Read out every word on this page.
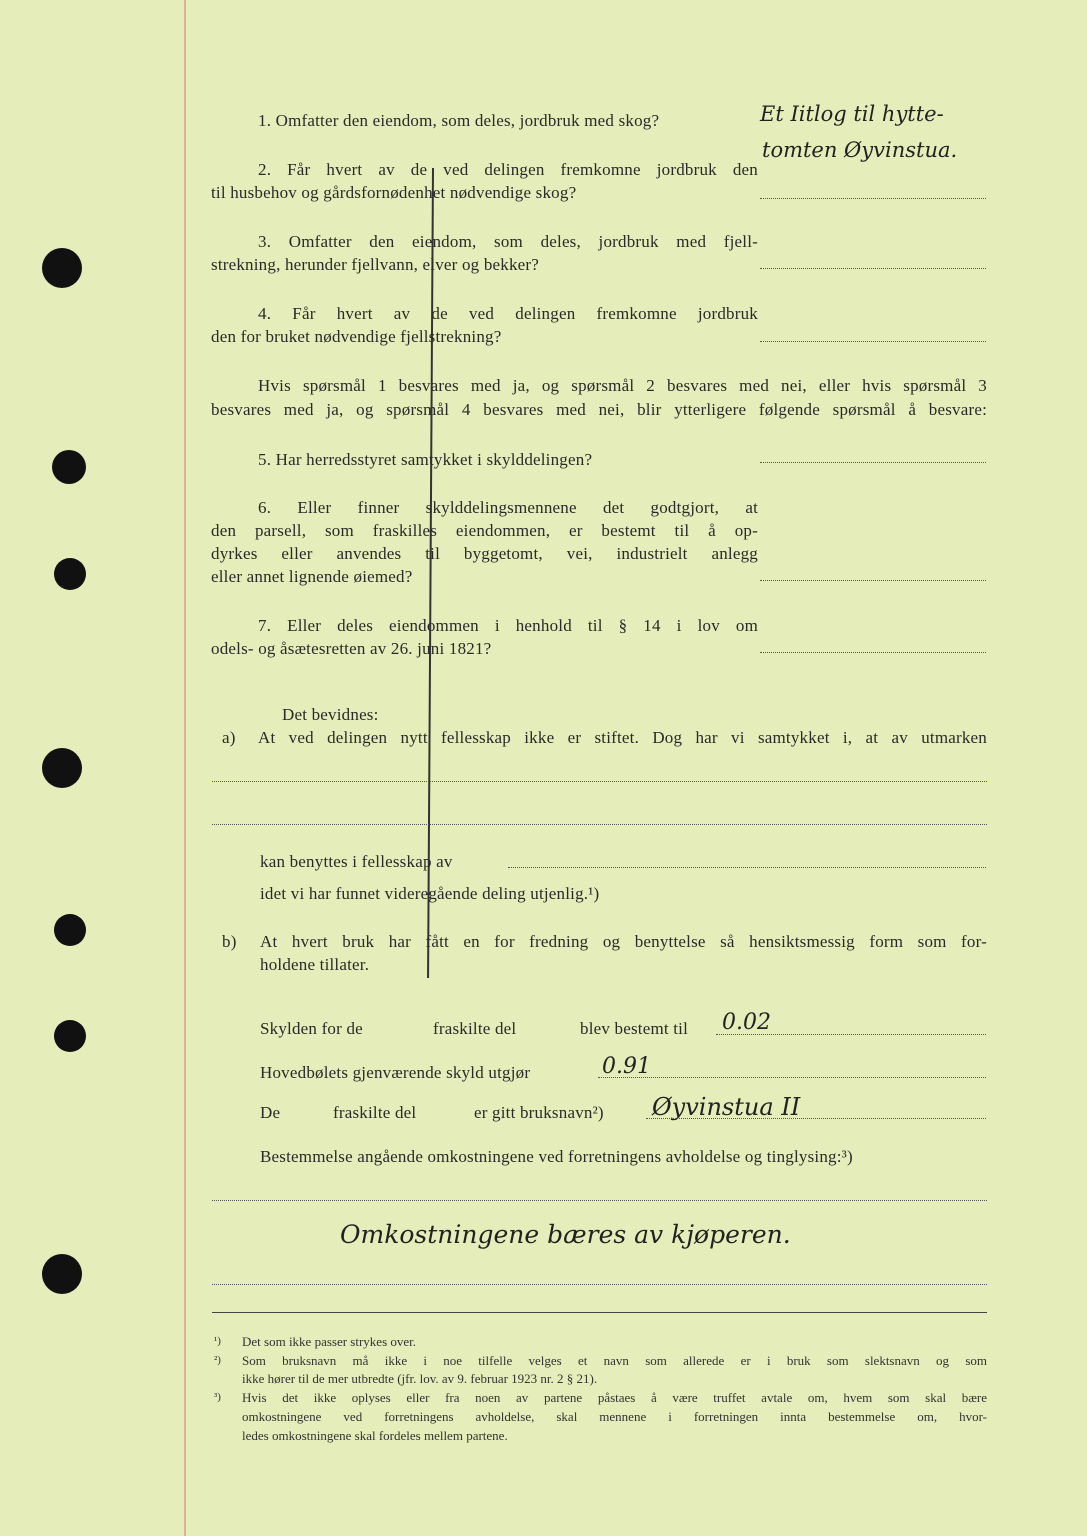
1. Omfatter den eiendom, som deles, jordbruk med skog?	Et Iitlog til hytte-
tomten Øyvinstua.
2. Får hvert av de ved delingen fremkomne jordbruk den
til husbehov og gårdsfornødenhet nødvendige skog?
3. Omfatter den eiendom, som deles, jordbruk med fjell-
strekning, herunder fjellvann, elver og bekker?
4. Får hvert av de ved delingen fremkomne jordbruk
den for bruket nødvendige fjellstrekning?
Hvis spørsmål 1 besvares med ja, og spørsmål 2 besvares med nei, eller hvis spørsmål 3
besvares med ja, og spørsmål 4 besvares med nei, blir ytterligere følgende spørsmål å besvare:
5. Har herredsstyret samtykket i skylddelingen?
6. Eller finner skylddelingsmennene det godtgjort, at
den parsell, som fraskilles eiendommen, er bestemt til å op-
dyrkes eller anvendes til byggetomt, vei, industrielt anlegg
eller annet lignende øiemed?
7. Eller deles eiendommen i henhold til § 14 i lov om
odels- og åsætesretten av 26. juni 1821?
Det bevidnes:
a) At ved delingen nytt fellesskap ikke er stiftet. Dog har vi samtykket i, at av utmarken
kan benyttes i fellesskap av
idet vi har funnet videregående deling utjenlig.¹)
b) At hvert bruk har fått en for fredning og benyttelse så hensiktsmessig form som for-
holdene tillater.
Skylden for de	fraskilte del	blev bestemt til 0.02
Hovedbølets gjenværende skyld utgjør	0.91
De	fraskilte del	er gitt bruksnavn²) Øyvinstua II
Bestemmelse angående omkostningene ved forretningens avholdelse og tinglysing:³)
Omkostningene bæres av kjøperen.
¹) Det som ikke passer strykes over.
²) Som bruksnavn må ikke i noe tilfelle velges et navn som allerede er i bruk som slektsnavn og som
ikke hører til de mer utbredte (jfr. lov. av 9. februar 1923 nr. 2 § 21).
³) Hvis det ikke oplyses eller fra noen av partene påstaes å være truffet avtale om, hvem som skal bære
omkostningene ved forretningens avholdelse, skal mennene i forretningen innta bestemmelse om, hvor-
ledes omkostningene skal fordeles mellem partene.
